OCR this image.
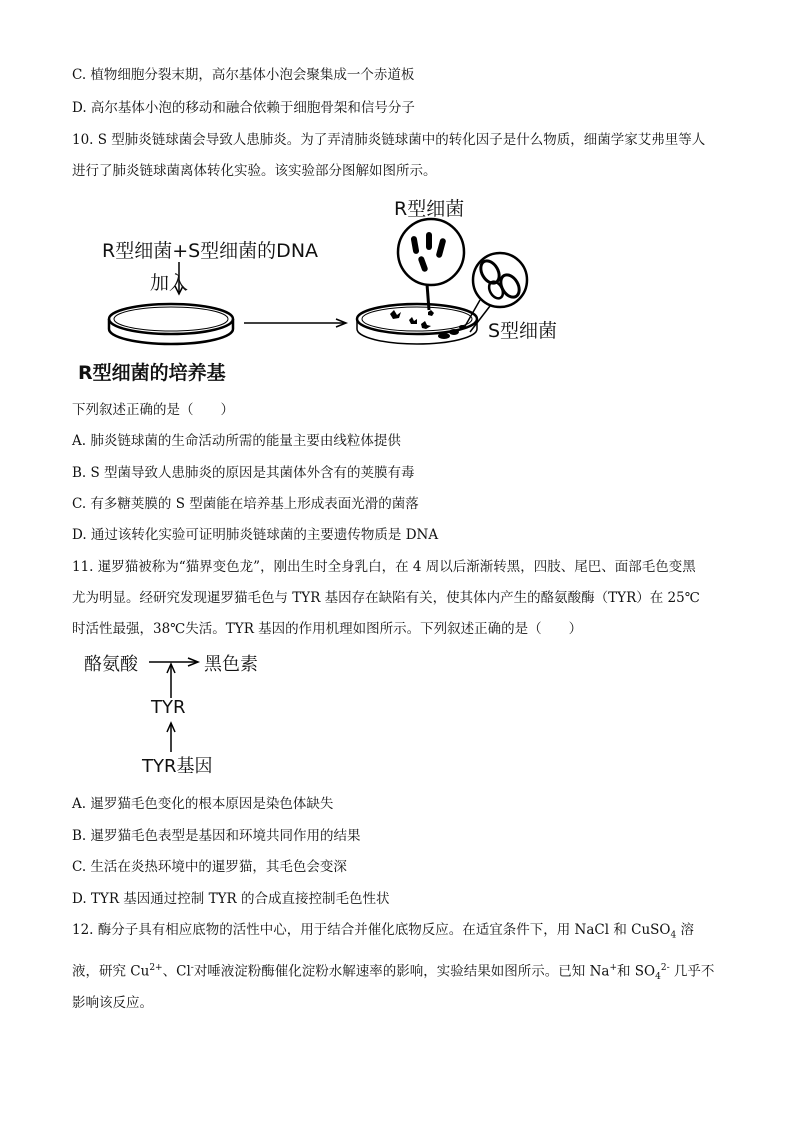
C. 植物细胞分裂末期，高尔基体小泡会聚集成一个赤道板
D. 高尔基体小泡的移动和融合依赖于细胞骨架和信号分子
10. S 型肺炎链球菌会导致人患肺炎。为了弄清肺炎链球菌中的转化因子是什么物质，细菌学家艾弗里等人
进行了肺炎链球菌离体转化实验。该实验部分图解如图所示。
R型细菌+S型细菌的DNA
加入
R型细菌的培养基
R型细菌
S型细菌
下列叙述正确的是（　　）
A. 肺炎链球菌的生命活动所需的能量主要由线粒体提供
B. S 型菌导致人患肺炎的原因是其菌体外含有的荚膜有毒
C. 有多糖荚膜的 S 型菌能在培养基上形成表面光滑的菌落
D. 通过该转化实验可证明肺炎链球菌的主要遗传物质是 DNA
11. 暹罗猫被称为“猫界变色龙”，刚出生时全身乳白，在 4 周以后渐渐转黑，四肢、尾巴、面部毛色变黑
尤为明显。经研究发现暹罗猫毛色与 TYR 基因存在缺陷有关，使其体内产生的酪氨酸酶（TYR）在 25℃
时活性最强，38℃失活。TYR 基因的作用机理如图所示。下列叙述正确的是（　　）
酪氨酸	黑色素
TYR
TYR基因
A. 暹罗猫毛色变化的根本原因是染色体缺失
B. 暹罗猫毛色表型是基因和环境共同作用的结果
C. 生活在炎热环境中的暹罗猫，其毛色会变深
D. TYR 基因通过控制 TYR 的合成直接控制毛色性状
12. 酶分子具有相应底物的活性中心，用于结合并催化底物反应。在适宜条件下，用 NaCl 和 CuSO$_4$ 溶
液，研究 $Cu^{2+}$、Cl-对唾液淀粉酶催化淀粉水解速率的影响，实验结果如图所示。已知 Na+和 $SO_4^{2-}$ 几乎不
影响该反应。
